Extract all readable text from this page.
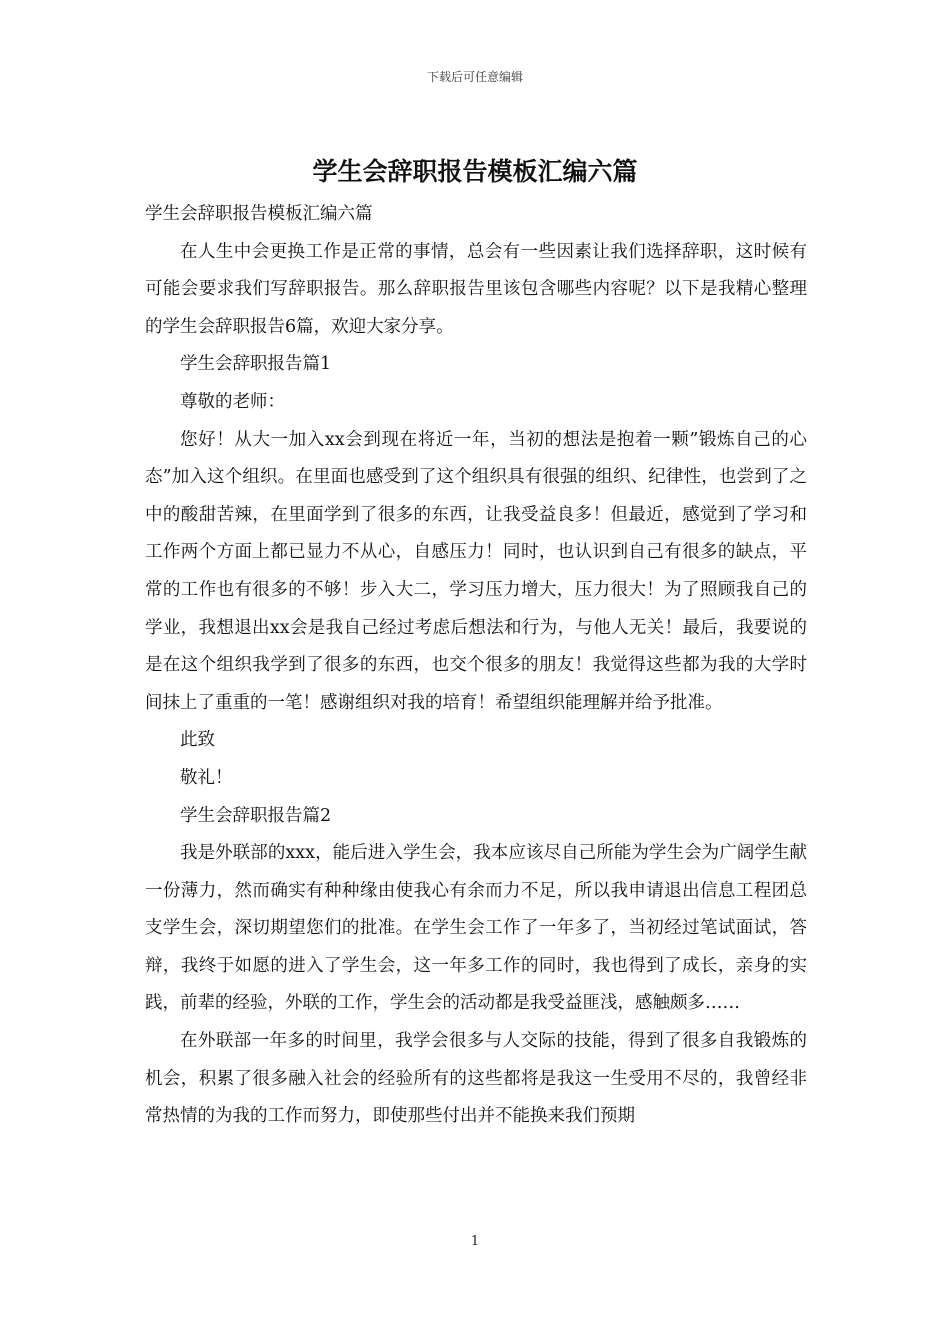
下载后可任意编辑
学生会辞职报告模板汇编六篇

学生会辞职报告模板汇编六篇

在人生中会更换工作是正常的事情，总会有一些因素让我们选择辞职，这时候有可能会要求我们写辞职报告。那么辞职报告里该包含哪些内容呢？以下是我精心整理的学生会辞职报告6篇，欢迎大家分享。

学生会辞职报告篇1

尊敬的老师：

您好！从大一加入xx会到现在将近一年，当初的想法是抱着一颗”锻炼自己的心态”加入这个组织。在里面也感受到了这个组织具有很强的组织、纪律性，也尝到了之中的酸甜苦辣，在里面学到了很多的东西，让我受益良多！但最近，感觉到了学习和工作两个方面上都已显力不从心，自感压力！同时，也认识到自己有很多的缺点，平常的工作也有很多的不够！步入大二，学习压力增大，压力很大！为了照顾我自己的学业，我想退出xx会是我自己经过考虑后想法和行为，与他人无关！最后，我要说的是在这个组织我学到了很多的东西，也交个很多的朋友！我觉得这些都为我的大学时间抹上了重重的一笔！感谢组织对我的培育！希望组织能理解并给予批准。

此致

敬礼！

学生会辞职报告篇2

我是外联部的xxx，能后进入学生会，我本应该尽自己所能为学生会为广阔学生献一份薄力，然而确实有种种缘由使我心有余而力不足，所以我申请退出信息工程团总支学生会，深切期望您们的批准。在学生会工作了一年多了，当初经过笔试面试，答辩，我终于如愿的进入了学生会，这一年多工作的同时，我也得到了成长，亲身的实践，前辈的经验，外联的工作，学生会的活动都是我受益匪浅，感触颇多……

在外联部一年多的时间里，我学会很多与人交际的技能，得到了很多自我锻炼的机会，积累了很多融入社会的经验所有的这些都将是我这一生受用不尽的，我曾经非常热情的为我的工作而努力，即使那些付出并不能换来我们预期

1
